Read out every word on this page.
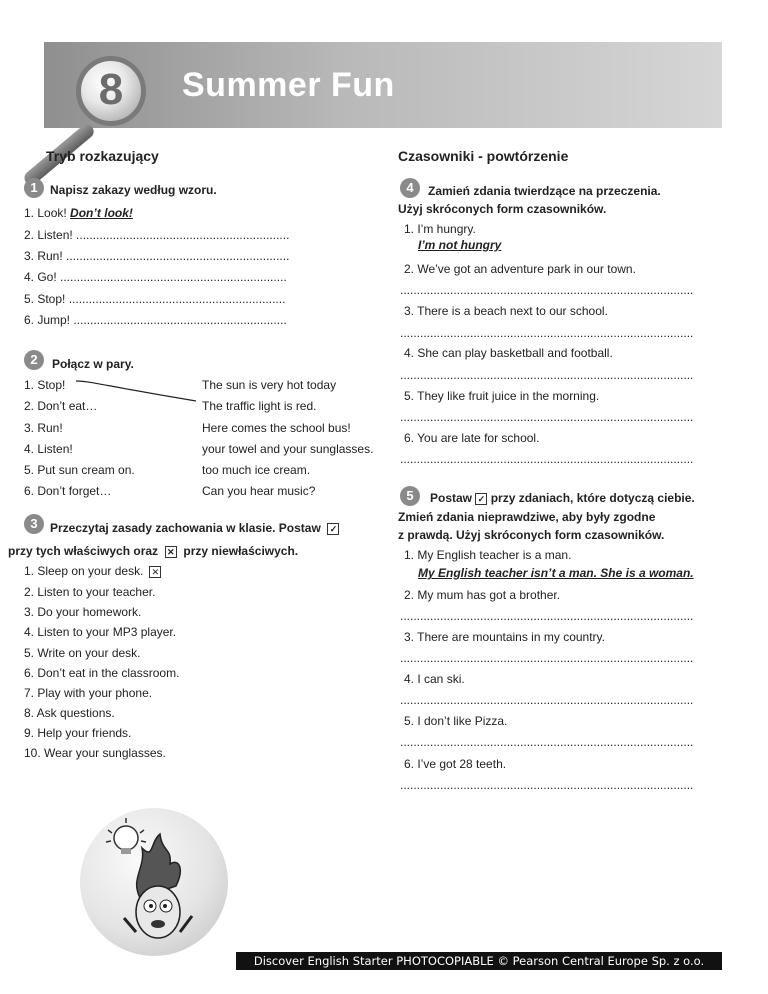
8	Summer Fun
Tryb rozkazujący
1	Napisz zakazy według wzoru.
1. Look! Don’t look!
2. Listen! ................................................................
3. Run! ...................................................................
4. Go! ....................................................................
5. Stop! .................................................................
6. Jump! ................................................................
2	Połącz w pary.
1. Stop!	The sun is very hot today
2. Don’t eat…	The traffic light is red.
3. Run!	Here comes the school bus!
4. Listen!	your towel and your sunglasses.
5. Put sun cream on.	too much ice cream.
6. Don’t forget…	Can you hear music?
3	Przeczytaj zasady zachowania w klasie. Postaw ✓
przy tych właściwych oraz ✕ przy niewłaściwych.
1. Sleep on your desk. ✕
2. Listen to your teacher.
3. Do your homework.
4. Listen to your MP3 player.
5. Write on your desk.
6. Don’t eat in the classroom.
7. Play with your phone.
8. Ask questions.
9. Help your friends.
10. Wear your sunglasses.
Czasowniki - powtórzenie
4	Zamień zdania twierdzące na przeczenia.
Użyj skróconych form czasowników.
1. I’m hungry.
I’m not hungry
2. We’ve got an adventure park in our town.
3. There is a beach next to our school.
4. She can play basketball and football.
5. They like fruit juice in the morning.
6. You are late for school.
........................................................................................
........................................................................................
........................................................................................
........................................................................................
........................................................................................
5	Postaw ✓ przy zdaniach, które dotyczą ciebie.
Zmień zdania nieprawdziwe, aby były zgodne
z prawdą. Użyj skróconych form czasowników.
1. My English teacher is a man.
My English teacher isn’t a man. She is a woman.
2. My mum has got a brother.
3. There are mountains in my country.
4. I can ski.
5. I don’t like Pizza.
6. I’ve got 28 teeth.
........................................................................................
........................................................................................
........................................................................................
........................................................................................
........................................................................................
Discover English Starter PHOTOCOPIABLE © Pearson Central Europe Sp. z o.o.
